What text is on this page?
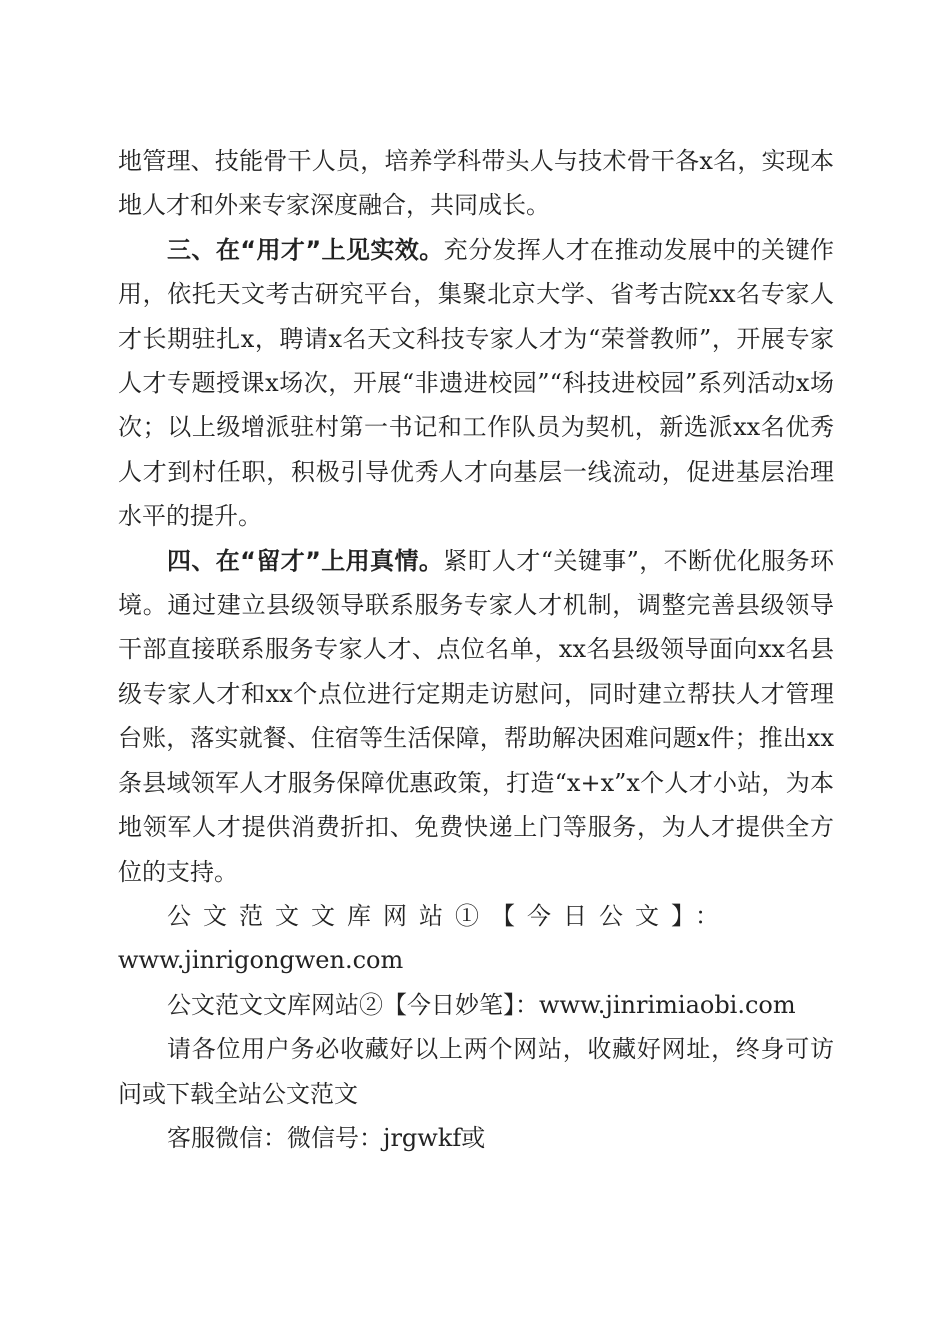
地管理、技能骨干人员，培养学科带头人与技术骨干各x名，实现本地人才和外来专家深度融合，共同成长。

三、在“用才”上见实效。充分发挥人才在推动发展中的关键作用，依托天文考古研究平台，集聚北京大学、省考古院xx名专家人才长期驻扎x，聘请x名天文科技专家人才为“荣誉教师”，开展专家人才专题授课x场次，开展“非遗进校园”“科技进校园”系列活动x场次；以上级增派驻村第一书记和工作队员为契机，新选派xx名优秀人才到村任职，积极引导优秀人才向基层一线流动，促进基层治理水平的提升。

四、在“留才”上用真情。紧盯人才“关键事”，不断优化服务环境。通过建立县级领导联系服务专家人才机制，调整完善县级领导干部直接联系服务专家人才、点位名单，xx名县级领导面向xx名县级专家人才和xx个点位进行定期走访慰问，同时建立帮扶人才管理台账，落实就餐、住宿等生活保障，帮助解决困难问题x件；推出xx条县域领军人才服务保障优惠政策，打造“x+x”x个人才小站，为本地领军人才提供消费折扣、免费快递上门等服务，为人才提供全方位的支持。

公文范文文库网站①【今日公文】：

www.jinrigongwen.com

公文范文文库网站②【今日妙笔】：www.jinrimiaobi.com

请各位用户务必收藏好以上两个网站，收藏好网址，终身可访问或下载全站公文范文

客服微信：微信号：jrgwkf或
